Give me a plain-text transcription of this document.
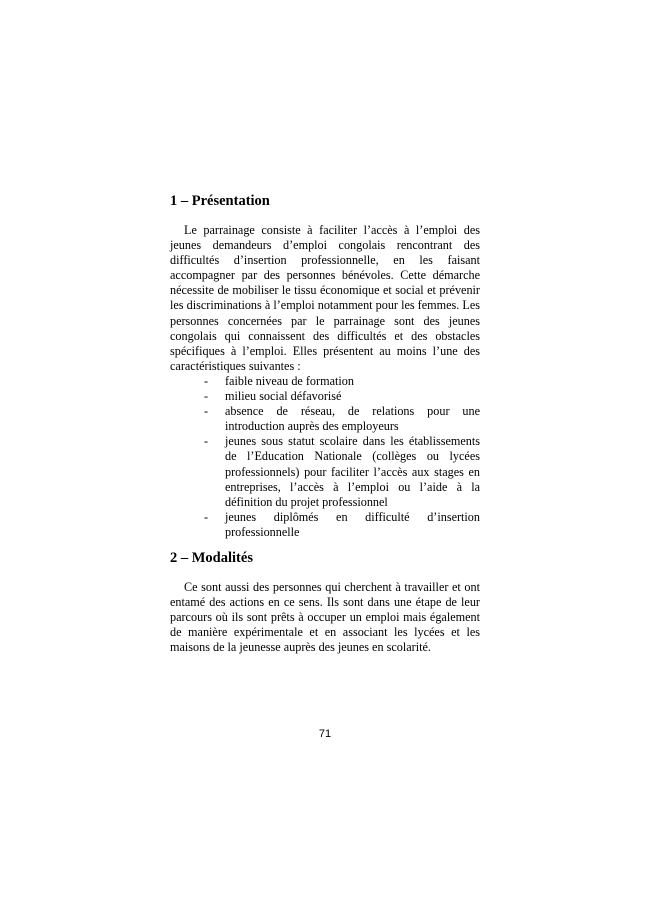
1 – Présentation

Le parrainage consiste à faciliter l’accès à l’emploi des jeunes demandeurs d’emploi congolais rencontrant des difficultés d’insertion professionnelle, en les faisant accompagner par des personnes bénévoles. Cette démarche nécessite de mobiliser le tissu économique et social et prévenir les discriminations à l’emploi notamment pour les femmes. Les personnes concernées par le parrainage sont des jeunes congolais qui connaissent des difficultés et des obstacles spécifiques à l’emploi. Elles présentent au moins l’une des caractéristiques suivantes :

- faible niveau de formation
- milieu social défavorisé
- absence de réseau, de relations pour une introduction auprès des employeurs
- jeunes sous statut scolaire dans les établissements de l’Education Nationale (collèges ou lycées professionnels) pour faciliter l’accès aux stages en entreprises, l’accès à l’emploi ou l’aide à la définition du projet professionnel
- jeunes diplômés en difficulté d’insertion professionnelle
2 – Modalités

Ce sont aussi des personnes qui cherchent à travailler et ont entamé des actions en ce sens. Ils sont dans une étape de leur parcours où ils sont prêts à occuper un emploi mais également de manière expérimentale et en associant les lycées et les maisons de la jeunesse auprès des jeunes en scolarité.

71
